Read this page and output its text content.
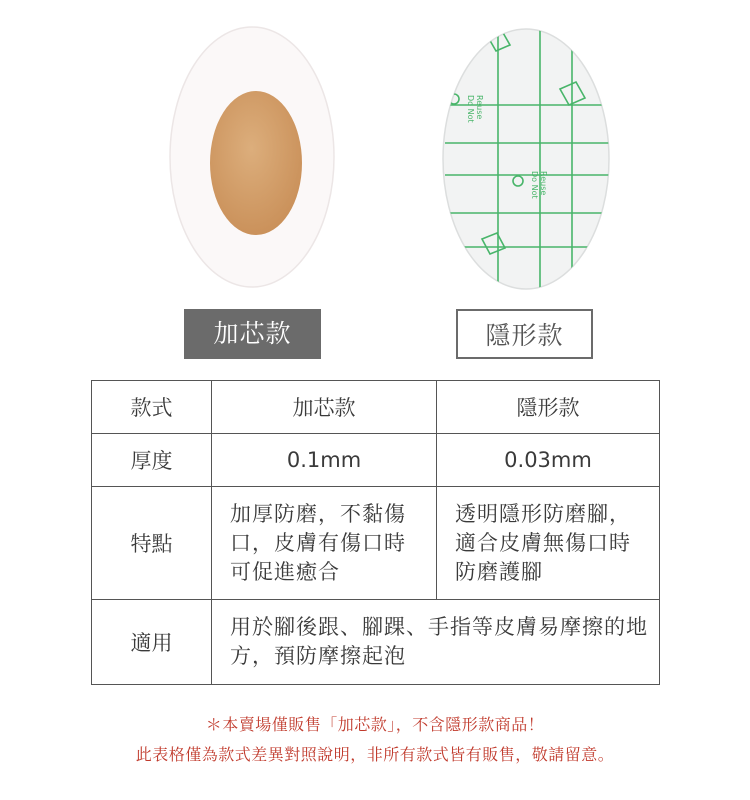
Do Not Reuse
Do Not Reuse
加芯款	隱形款
款式	加芯款	隱形款
厚度	0.1mm	0.03mm
特點	加厚防磨，不黏傷口，皮膚有傷口時可促進癒合	透明隱形防磨腳，適合皮膚無傷口時防磨護腳
適用	用於腳後跟、腳踝、手指等皮膚易摩擦的地方，預防摩擦起泡	
＊本賣場僅販售「加芯款」，不含隱形款商品！
此表格僅為款式差異對照說明，非所有款式皆有販售，敬請留意。
